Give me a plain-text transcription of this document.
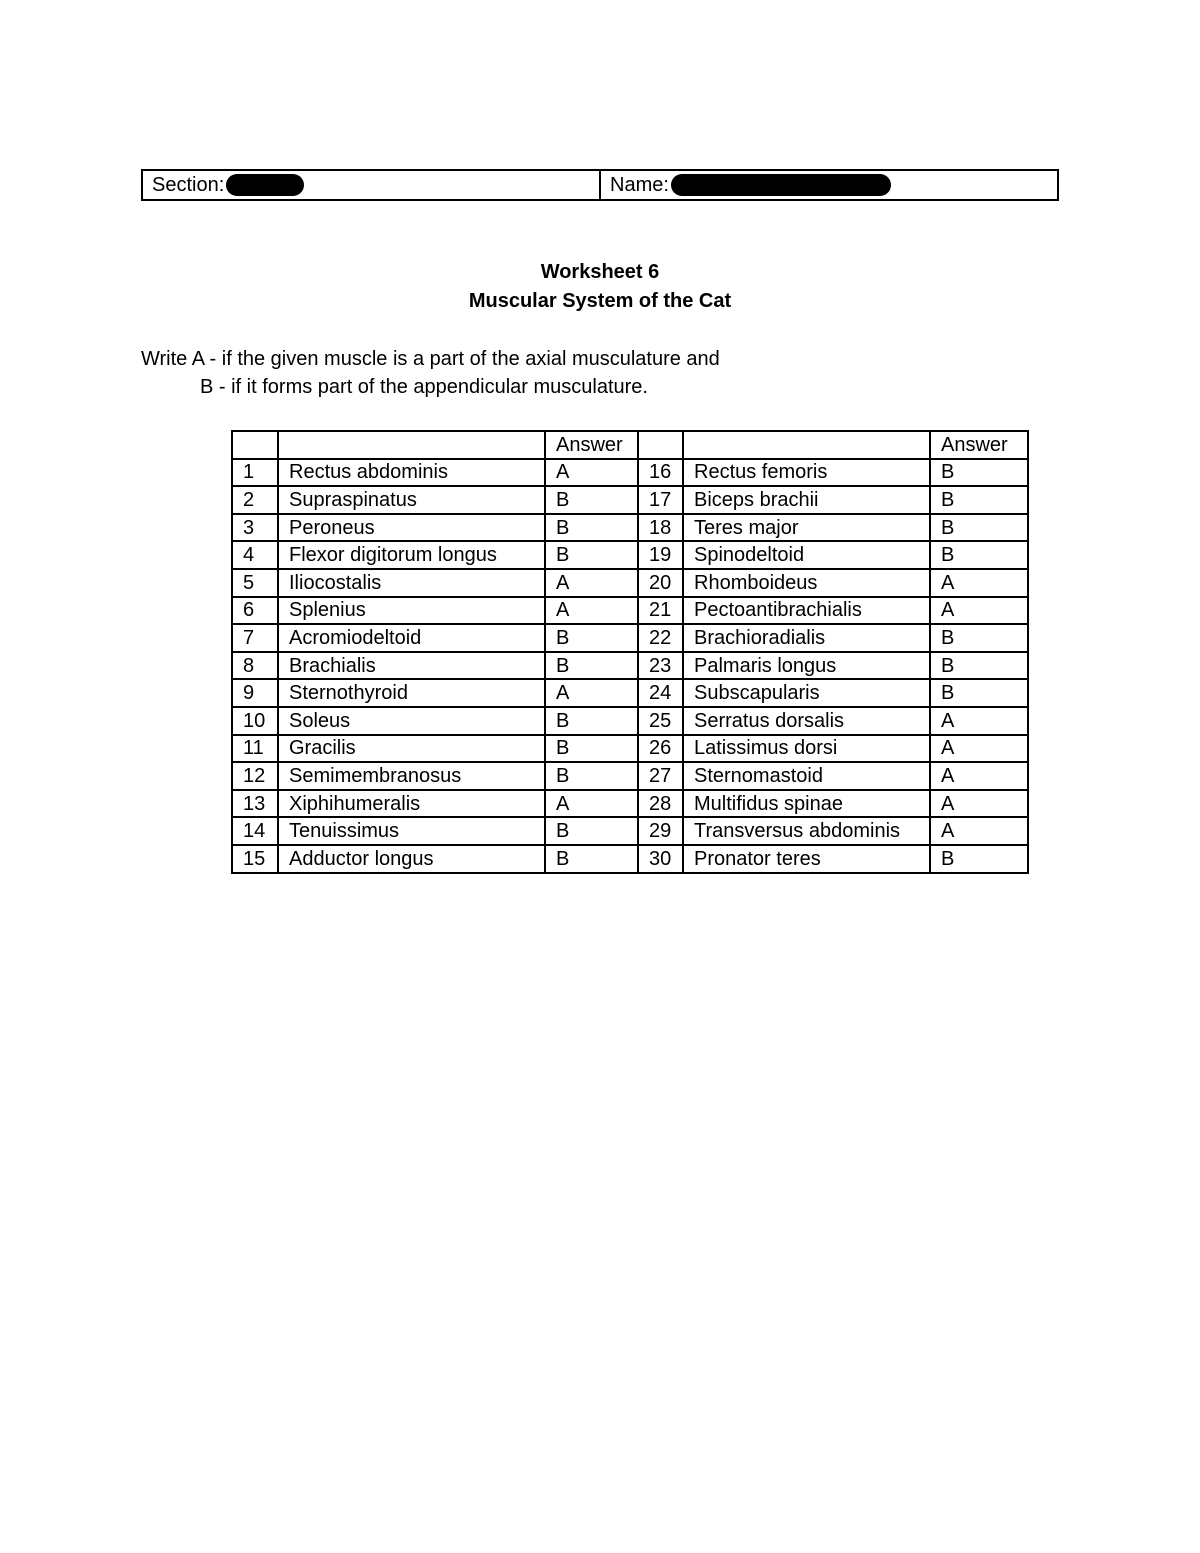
Section:	Name:
Worksheet 6
Muscular System of the Cat
Write A - if the given muscle is a part of the axial musculature and
B - if it forms part of the appendicular musculature.
		Answer			Answer
1	Rectus abdominis	A	16	Rectus femoris	B
2	Supraspinatus	B	17	Biceps brachii	B
3	Peroneus	B	18	Teres major	B
4	Flexor digitorum longus	B	19	Spinodeltoid	B
5	Iliocostalis	A	20	Rhomboideus	A
6	Splenius	A	21	Pectoantibrachialis	A
7	Acromiodeltoid	B	22	Brachioradialis	B
8	Brachialis	B	23	Palmaris longus	B
9	Sternothyroid	A	24	Subscapularis	B
10	Soleus	B	25	Serratus dorsalis	A
11	Gracilis	B	26	Latissimus dorsi	A
12	Semimembranosus	B	27	Sternomastoid	A
13	Xiphihumeralis	A	28	Multifidus spinae	A
14	Tenuissimus	B	29	Transversus abdominis	A
15	Adductor longus	B	30	Pronator teres	B
